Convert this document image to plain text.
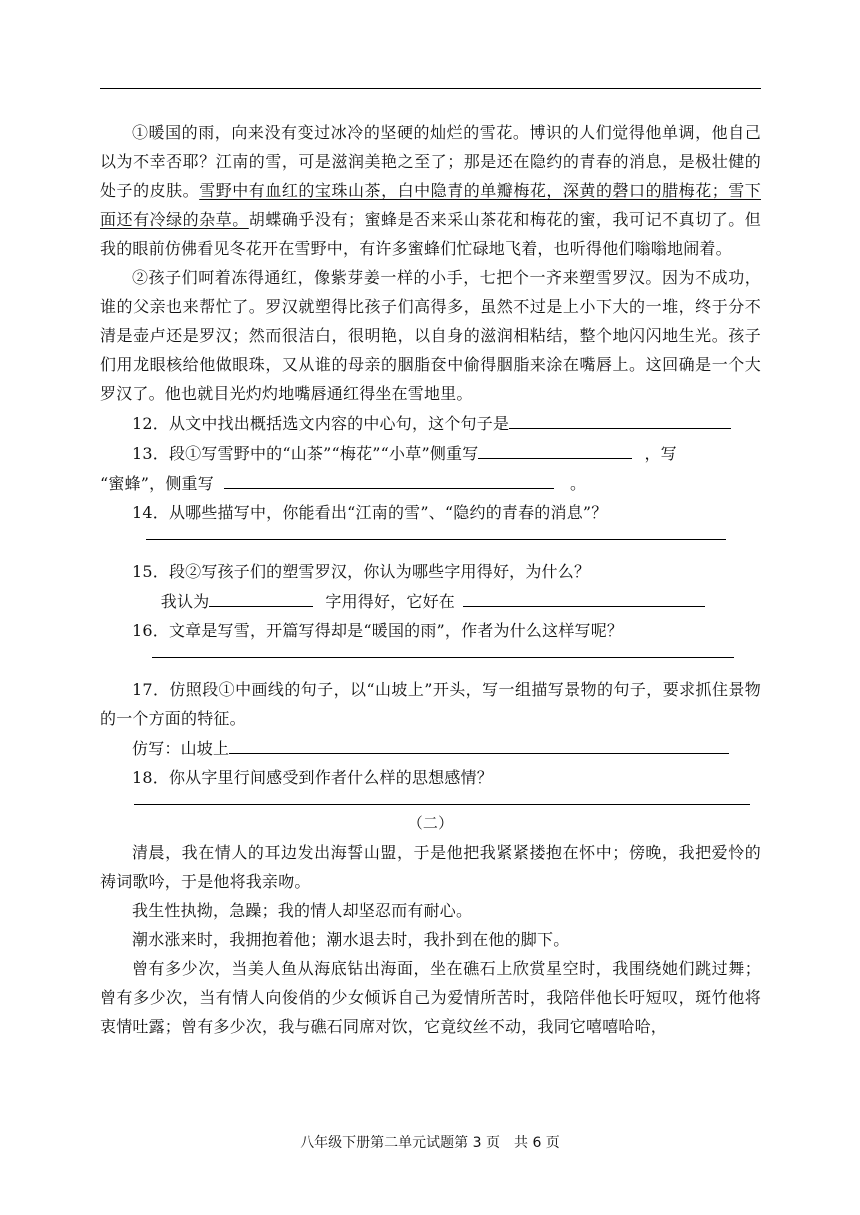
①暖国的雨，向来没有变过冰冷的坚硬的灿烂的雪花。博识的人们觉得他单调，他自己以为不幸否耶？江南的雪，可是滋润美艳之至了；那是还在隐约的青春的消息，是极壮健的处子的皮肤。雪野中有血红的宝珠山茶，白中隐青的单瓣梅花，深黄的磬口的腊梅花；雪下面还有冷绿的杂草。胡蝶确乎没有；蜜蜂是否来采山茶花和梅花的蜜，我可记不真切了。但我的眼前仿佛看见冬花开在雪野中，有许多蜜蜂们忙碌地飞着，也听得他们嗡嗡地闹着。

②孩子们呵着冻得通红，像紫芽姜一样的小手，七把个一齐来塑雪罗汉。因为不成功，谁的父亲也来帮忙了。罗汉就塑得比孩子们高得多，虽然不过是上小下大的一堆，终于分不清是壶卢还是罗汉；然而很洁白，很明艳，以自身的滋润相粘结，整个地闪闪地生光。孩子们用龙眼核给他做眼珠，又从谁的母亲的胭脂奁中偷得胭脂来涂在嘴唇上。这回确是一个大罗汉了。他也就目光灼灼地嘴唇通红得坐在雪地里。

12．从文中找出概括选文内容的中心句，这个句子是

13．段①写雪野中的“山茶”“梅花”“小草”侧重写	，写

“蜜蜂”，侧重写	。

14．从哪些描写中，你能看出“江南的雪”、“隐约的青春的消息”？

15．段②写孩子们的塑雪罗汉，你认为哪些字用得好，为什么？

我认为	字用得好，它好在

16．文章是写雪，开篇写得却是“暖国的雨”，作者为什么这样写呢？

17．仿照段①中画线的句子，以“山坡上”开头，写一组描写景物的句子，要求抓住景物的一个方面的特征。

仿写：山坡上

18．你从字里行间感受到作者什么样的思想感情？

（二）

清晨，我在情人的耳边发出海誓山盟，于是他把我紧紧搂抱在怀中；傍晚，我把爱怜的祷词歌吟，于是他将我亲吻。

我生性执拗，急躁；我的情人却坚忍而有耐心。

潮水涨来时，我拥抱着他；潮水退去时，我扑到在他的脚下。

曾有多少次，当美人鱼从海底钻出海面，坐在礁石上欣赏星空时，我围绕她们跳过舞；曾有多少次，当有情人向俊俏的少女倾诉自己为爱情所苦时，我陪伴他长吁短叹，斑竹他将衷情吐露；曾有多少次，我与礁石同席对饮，它竟纹丝不动，我同它嘻嘻哈哈，

八年级下册第二单元试题第 3 页　共 6 页
